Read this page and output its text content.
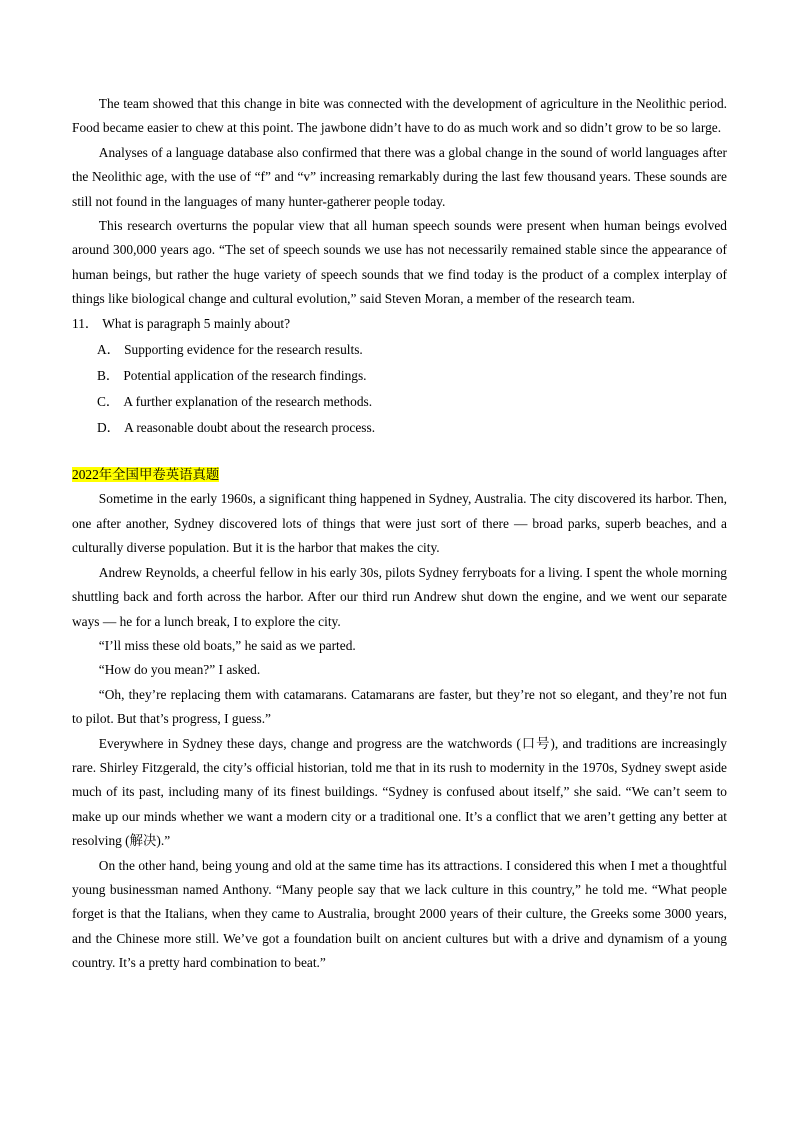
The team showed that this change in bite was connected with the development of agriculture in the Neolithic period. Food became easier to chew at this point. The jawbone didn’t have to do as much work and so didn’t grow to be so large.

Analyses of a language database also confirmed that there was a global change in the sound of world languages after the Neolithic age, with the use of “f” and “v” increasing remarkably during the last few thousand years. These sounds are still not found in the languages of many hunter-gatherer people today.

This research overturns the popular view that all human speech sounds were present when human beings evolved around 300,000 years ago. “The set of speech sounds we use has not necessarily remained stable since the appearance of human beings, but rather the huge variety of speech sounds that we find today is the product of a complex interplay of things like biological change and cultural evolution,” said Steven Moran, a member of the research team.

11． What is paragraph 5 mainly about?
A． Supporting evidence for the research results.
B． Potential application of the research findings.
C． A further explanation of the research methods.
D． A reasonable doubt about the research process.
2022年全国甲卷英语真题

Sometime in the early 1960s, a significant thing happened in Sydney, Australia. The city discovered its harbor. Then, one after another, Sydney discovered lots of things that were just sort of there — broad parks, superb beaches, and a culturally diverse population. But it is the harbor that makes the city.

Andrew Reynolds, a cheerful fellow in his early 30s, pilots Sydney ferryboats for a living. I spent the whole morning shuttling back and forth across the harbor. After our third run Andrew shut down the engine, and we went our separate ways — he for a lunch break, I to explore the city.

“I’ll miss these old boats,” he said as we parted.

“How do you mean?” I asked.

“Oh, they’re replacing them with catamarans. Catamarans are faster, but they’re not so elegant, and they’re not fun to pilot. But that’s progress, I guess.”

Everywhere in Sydney these days, change and progress are the watchwords (口号), and traditions are increasingly rare. Shirley Fitzgerald, the city’s official historian, told me that in its rush to modernity in the 1970s, Sydney swept aside much of its past, including many of its finest buildings. “Sydney is confused about itself,” she said. “We can’t seem to make up our minds whether we want a modern city or a traditional one. It’s a conflict that we aren’t getting any better at resolving (解决).”

On the other hand, being young and old at the same time has its attractions. I considered this when I met a thoughtful young businessman named Anthony. “Many people say that we lack culture in this country,” he told me. “What people forget is that the Italians, when they came to Australia, brought 2000 years of their culture, the Greeks some 3000 years, and the Chinese more still. We’ve got a foundation built on ancient cultures but with a drive and dynamism of a young country. It’s a pretty hard combination to beat.”
